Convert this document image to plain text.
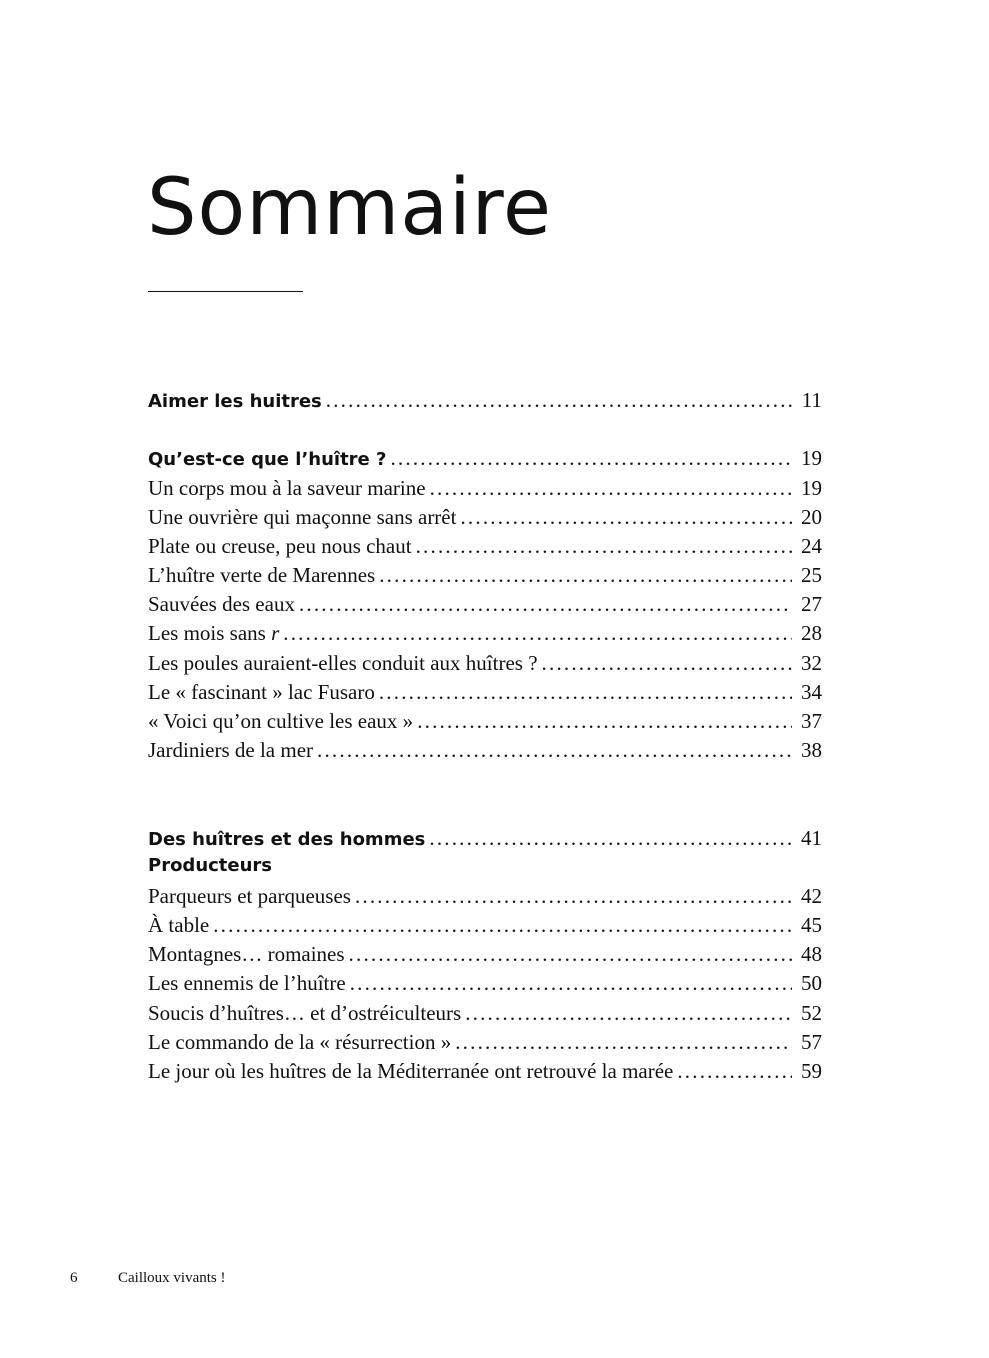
Sommaire
Aimer les huitres .....	11
Qu’est-ce que l’huître ? .....	19
Un corps mou à la saveur marine .....	19
Une ouvrière qui maçonne sans arrêt .....	20
Plate ou creuse, peu nous chaut .....	24
L’huître verte de Marennes .....	25
Sauvées des eaux .....	27
Les mois sans r .....	28
Les poules auraient-elles conduit aux huîtres ? .....	32
Le « fascinant » lac Fusaro .....	34
« Voici qu’on cultive les eaux » .....	37
Jardiniers de la mer .....	38
Des huîtres et des hommes .....	41
Producteurs
Parqueurs et parqueuses .....	42
À table .....	45
Montagnes… romaines .....	48
Les ennemis de l’huître .....	50
Soucis d’huîtres… et d’ostréiculteurs .....	52
Le commando de la « résurrection » .....	57
Le jour où les huîtres de la Méditerranée ont retrouvé la marée .....	59
6	Cailloux vivants !
